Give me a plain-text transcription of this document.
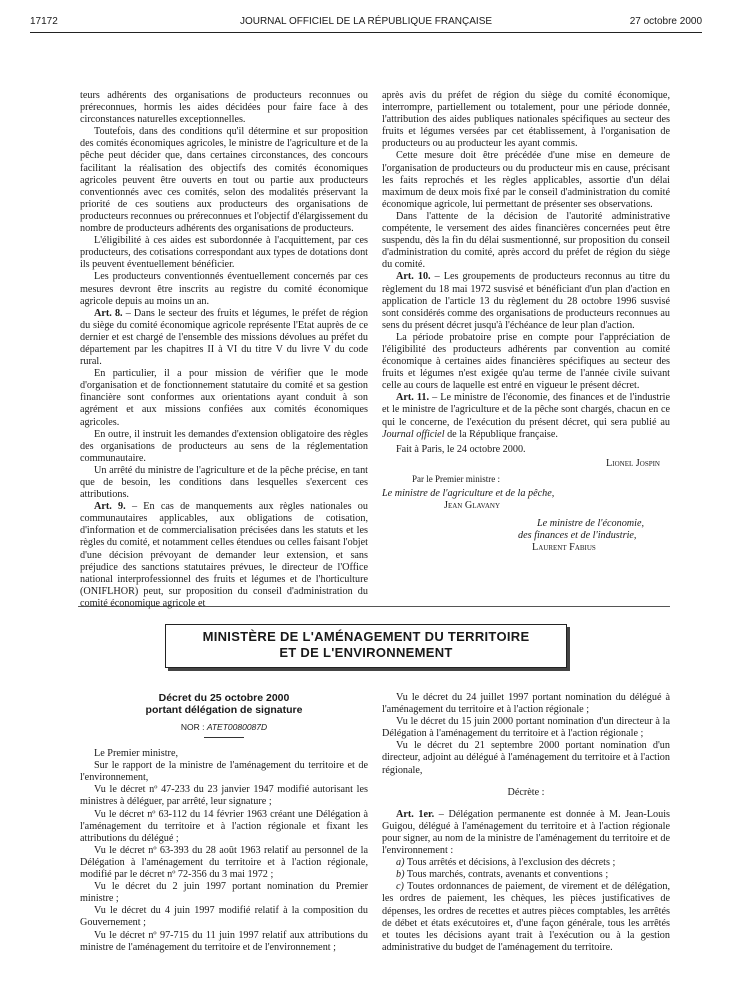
17172	JOURNAL OFFICIEL DE LA RÉPUBLIQUE FRANÇAISE	27 octobre 2000

teurs adhérents des organisations de producteurs reconnues ou préreconnues, hormis les aides décidées pour faire face à des circonstances naturelles exceptionnelles.

Toutefois, dans des conditions qu'il détermine et sur proposition des comités économiques agricoles, le ministre de l'agriculture et de la pêche peut décider que, dans certaines circonstances, des concours facilitant la réalisation des objectifs des comités économiques agricoles peuvent être ouverts en tout ou partie aux producteurs conventionnés avec ces comités, selon des modalités préservant la priorité de ces soutiens aux producteurs des organisations de producteurs reconnues ou préreconnues et l'objectif d'élargissement du nombre de producteurs adhérents des organisations de producteurs.

L'éligibilité à ces aides est subordonnée à l'acquittement, par ces producteurs, des cotisations correspondant aux types de dotations dont ils peuvent éventuellement bénéficier.

Les producteurs conventionnés éventuellement concernés par ces mesures devront être inscrits au registre du comité économique agricole depuis au moins un an.

Art. 8. – Dans le secteur des fruits et légumes, le préfet de région du siège du comité économique agricole représente l'Etat auprès de ce dernier et est chargé de l'ensemble des missions dévolues au préfet du département par les chapitres II à VI du titre V du livre V du code rural.

En particulier, il a pour mission de vérifier que le mode d'organisation et de fonctionnement statutaire du comité et sa gestion financière sont conformes aux orientations ayant conduit à son agrément et aux missions confiées aux comités économiques agricoles.

En outre, il instruit les demandes d'extension obligatoire des règles des organisations de producteurs au sens de la réglementation communautaire.

Un arrêté du ministre de l'agriculture et de la pêche précise, en tant que de besoin, les conditions dans lesquelles s'exercent ces attributions.

Art. 9. – En cas de manquements aux règles nationales ou communautaires applicables, aux obligations de cotisation, d'information et de commercialisation précisées dans les statuts et les règles du comité, et notamment celles étendues ou celles faisant l'objet d'une décision prévoyant de demander leur extension, et sans préjudice des sanctions statutaires prévues, le directeur de l'Office national interprofessionnel des fruits et légumes et de l'horticulture (ONIFLHOR) peut, sur proposition du conseil d'administration du comité économique agricole et

après avis du préfet de région du siège du comité économique, interrompre, partiellement ou totalement, pour une période donnée, l'attribution des aides publiques nationales spécifiques au secteur des fruits et légumes versées par cet établissement, à l'organisation de producteurs ou au producteur les ayant commis.

Cette mesure doit être précédée d'une mise en demeure de l'organisation de producteurs ou du producteur mis en cause, précisant les faits reprochés et les règles applicables, assortie d'un délai maximum de deux mois fixé par le conseil d'administration du comité économique agricole, lui permettant de présenter ses observations.

Dans l'attente de la décision de l'autorité administrative compétente, le versement des aides financières concernées peut être suspendu, dès la fin du délai susmentionné, sur proposition du conseil d'administration du comité, après accord du préfet de région du siège du comité.

Art. 10. – Les groupements de producteurs reconnus au titre du règlement du 18 mai 1972 susvisé et bénéficiant d'un plan d'action en application de l'article 13 du règlement du 28 octobre 1996 susvisé sont considérés comme des organisations de producteurs reconnues au sens du présent décret jusqu'à l'échéance de leur plan d'action.

La période probatoire prise en compte pour l'appréciation de l'éligibilité des producteurs adhérents par convention au comité économique à certaines aides financières spécifiques au secteur des fruits et légumes n'est exigée qu'au terme de l'année civile suivant celle au cours de laquelle est entré en vigueur le présent décret.

Art. 11. – Le ministre de l'économie, des finances et de l'industrie et le ministre de l'agriculture et de la pêche sont chargés, chacun en ce qui le concerne, de l'exécution du présent décret, qui sera publié au Journal officiel de la République française.

Fait à Paris, le 24 octobre 2000.

Lionel Jospin
Par le Premier ministre :
Le ministre de l'agriculture et de la pêche,
Jean Glavany
Le ministre de l'économie,
des finances et de l'industrie,
Laurent Fabius
MINISTÈRE DE L'AMÉNAGEMENT DU TERRITOIRE
ET DE L'ENVIRONNEMENT
Décret du 25 octobre 2000
portant délégation de signature
NOR : ATET0080087D

Le Premier ministre,

Sur le rapport de la ministre de l'aménagement du territoire et de l'environnement,

Vu le décret nº 47-233 du 23 janvier 1947 modifié autorisant les ministres à déléguer, par arrêté, leur signature ;

Vu le décret nº 63-112 du 14 février 1963 créant une Délégation à l'aménagement du territoire et à l'action régionale et fixant les attributions du délégué ;

Vu le décret nº 63-393 du 28 août 1963 relatif au personnel de la Délégation à l'aménagement du territoire et à l'action régionale, modifié par le décret nº 72-356 du 3 mai 1972 ;

Vu le décret du 2 juin 1997 portant nomination du Premier ministre ;

Vu le décret du 4 juin 1997 modifié relatif à la composition du Gouvernement ;

Vu le décret nº 97-715 du 11 juin 1997 relatif aux attributions du ministre de l'aménagement du territoire et de l'environnement ;

Vu le décret du 24 juillet 1997 portant nomination du délégué à l'aménagement du territoire et à l'action régionale ;

Vu le décret du 15 juin 2000 portant nomination d'un directeur à la Délégation à l'aménagement du territoire et à l'action régionale ;

Vu le décret du 21 septembre 2000 portant nomination d'un directeur, adjoint au délégué à l'aménagement du territoire et à l'action régionale,

Décrète :

Art. 1er. – Délégation permanente est donnée à M. Jean-Louis Guigou, délégué à l'aménagement du territoire et à l'action régionale pour signer, au nom de la ministre de l'aménagement du territoire et de l'environnement :

a) Tous arrêtés et décisions, à l'exclusion des décrets ;

b) Tous marchés, contrats, avenants et conventions ;

c) Toutes ordonnances de paiement, de virement et de délégation, les ordres de paiement, les chèques, les pièces justificatives de dépenses, les ordres de recettes et autres pièces comptables, les arrêtés de débet et états exécutoires et, d'une façon générale, tous les arrêtés et toutes les décisions ayant trait à l'exécution ou à la gestion administrative du budget de l'aménagement du territoire.
